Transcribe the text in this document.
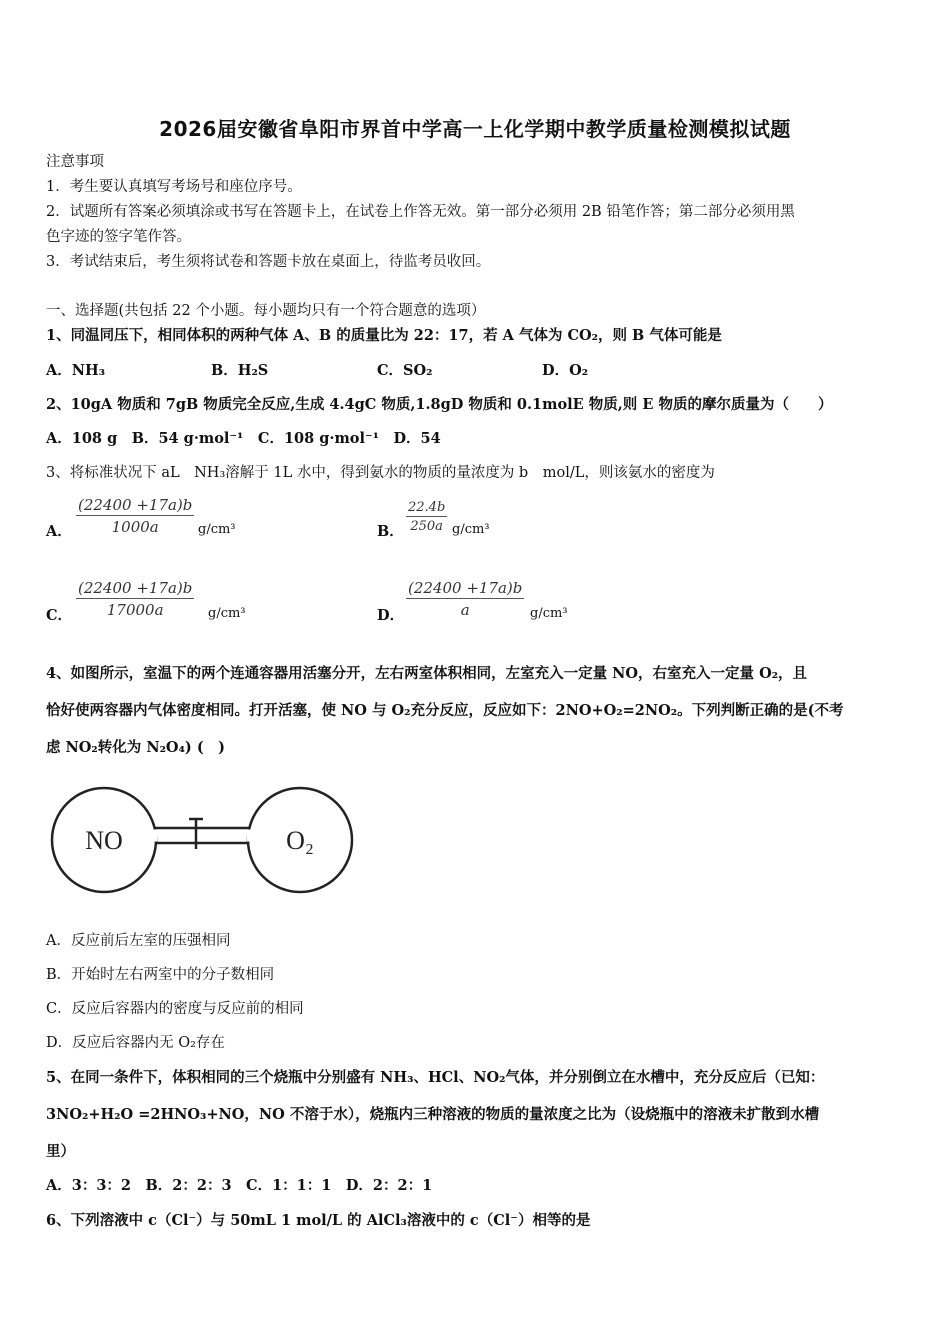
2026届安徽省阜阳市界首中学高一上化学期中教学质量检测模拟试题
注意事项
1．考生要认真填写考场号和座位序号。
2．试题所有答案必须填涂或书写在答题卡上，在试卷上作答无效。第一部分必须用 2B 铅笔作答；第二部分必须用黑
色字迹的签字笔作答。
3．考试结束后，考生须将试卷和答题卡放在桌面上，待监考员收回。
一、选择题(共包括 22 个小题。每小题均只有一个符合题意的选项）
1、同温同压下，相同体积的两种气体 A、B 的质量比为 22：17，若 A 气体为 CO₂，则 B 气体可能是
A．NH₃	B．H₂S	C．SO₂	D．O₂
2、10gA 物质和 7gB 物质完全反应,生成 4.4gC 物质,1.8gD 物质和 0.1molE 物质,则 E 物质的摩尔质量为（　　）
A．108 g　B．54 g·mol⁻¹　C．108 g·mol⁻¹　D．54
3、将标准状况下 aL　NH₃溶解于 1L 水中，得到氨水的物质的量浓度为 b　mol/L，则该氨水的密度为
A． $\frac{(22400 +17a)b}{1000a} g/cm^3$	B． $\frac{22.4b}{250a} g/cm^3$
C． $\frac{(22400 +17a)b}{17000a} g/cm^3$	D． $\frac{(22400 +17a)b}{a} g/cm^3$
4、如图所示，室温下的两个连通容器用活塞分开，左右两室体积相同，左室充入一定量 NO，右室充入一定量 O₂，且
恰好使两容器内气体密度相同。打开活塞，使 NO 与 O₂充分反应，反应如下：2NO+O₂=2NO₂。下列判断正确的是(不考
虑 NO₂转化为 N₂O₄) (　)
NO	O₂
A．反应前后左室的压强相同
B．开始时左右两室中的分子数相同
C．反应后容器内的密度与反应前的相同
D．反应后容器内无 O₂存在
5、在同一条件下，体积相同的三个烧瓶中分别盛有 NH₃、HCl、NO₂气体，并分别倒立在水槽中，充分反应后（已知：
3NO₂+H₂O =2HNO₃+NO，NO 不溶于水），烧瓶内三种溶液的物质的量浓度之比为（设烧瓶中的溶液未扩散到水槽
里）
A．3：3：2　B．2：2：3　C．1：1：1　D．2：2：1
6、下列溶液中 c（Cl⁻）与 50mL 1 mol/L 的 AlCl₃溶液中的 c（Cl⁻）相等的是
